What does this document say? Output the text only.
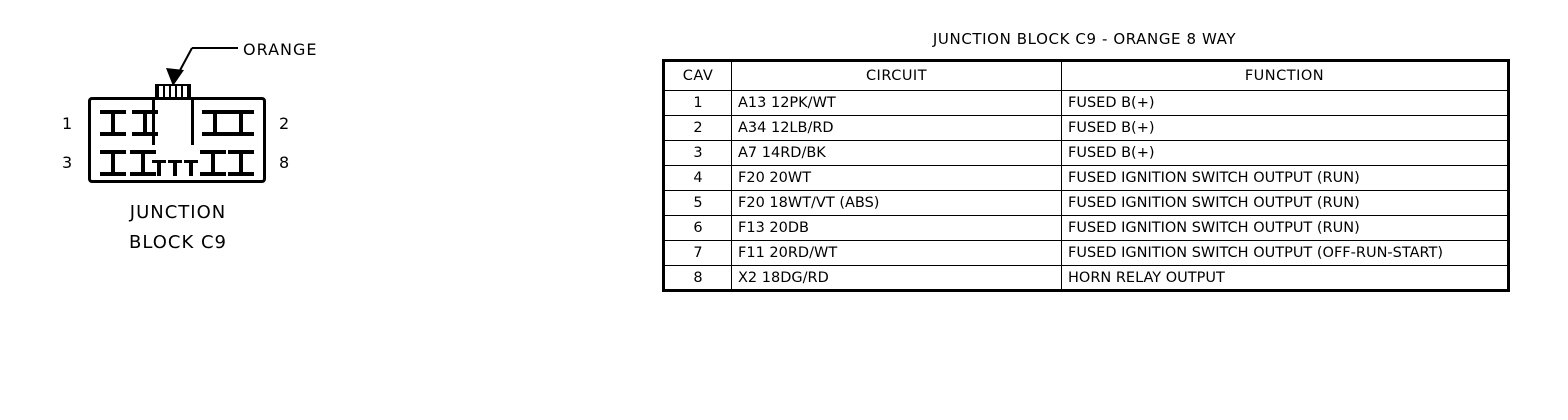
ORANGE
1	2
3	8
JUNCTION
BLOCK C9
JUNCTION BLOCK C9 - ORANGE 8 WAY
CAV	CIRCUIT	FUNCTION
1	A13 12PK/WT	FUSED B(+)
2	A34 12LB/RD	FUSED B(+)
3	A7 14RD/BK	FUSED B(+)
4	F20 20WT	FUSED IGNITION SWITCH OUTPUT (RUN)
5	F20 18WT/VT (ABS)	FUSED IGNITION SWITCH OUTPUT (RUN)
6	F13 20DB	FUSED IGNITION SWITCH OUTPUT (RUN)
7	F11 20RD/WT	FUSED IGNITION SWITCH OUTPUT (OFF-RUN-START)
8	X2 18DG/RD	HORN RELAY OUTPUT
